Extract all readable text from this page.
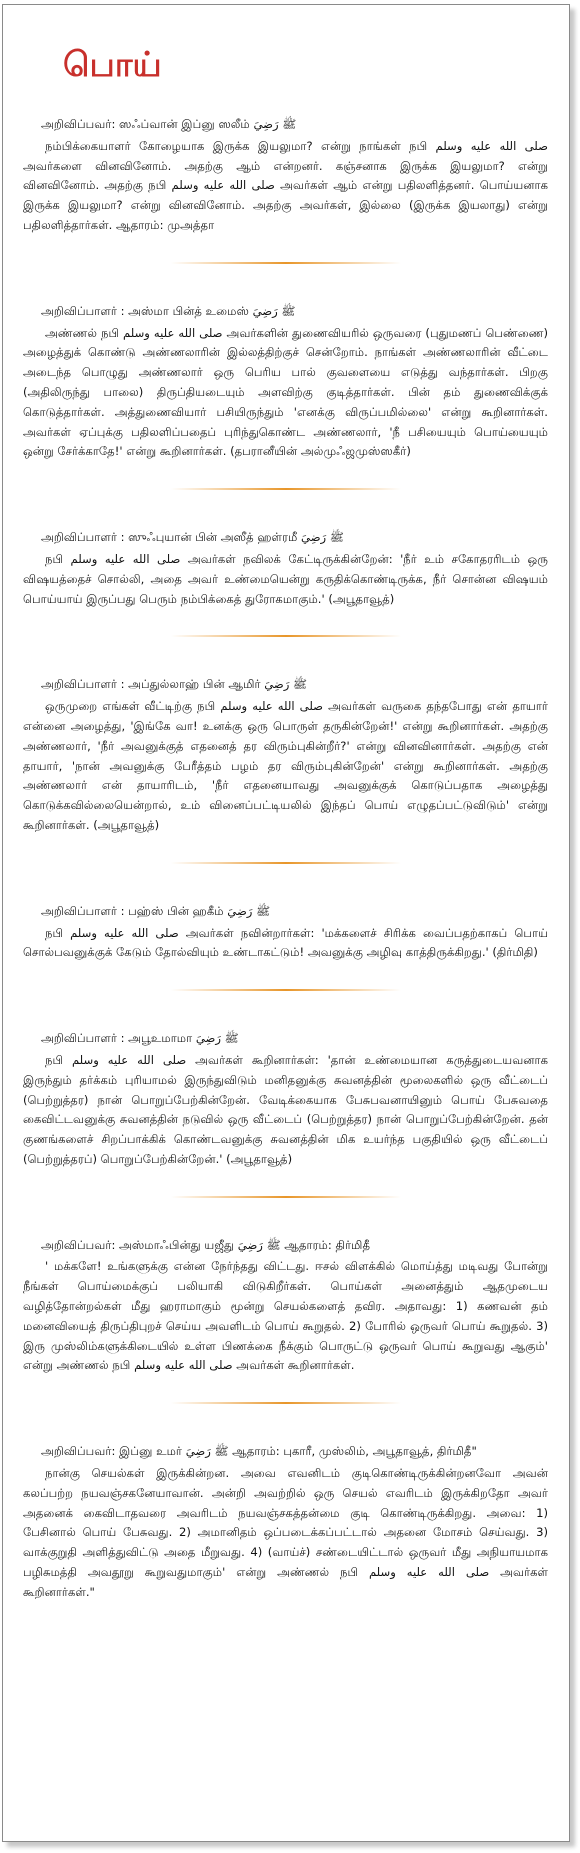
பொய்

அறிவிப்பவர்: ஸஃப்வான் இப்னு ஸலீம் ﷺ رَضِيَ
நம்பிக்கையாளர் கோழையாக இருக்க இயலுமா? என்று நாங்கள் நபி صلى الله عليه وسلم அவர்களை வினவினோம். அதற்கு ஆம் என்றனர். கஞ்சனாக இருக்க இயலுமா? என்று வினவினோம். அதற்கு நபி صلى الله عليه وسلم அவர்கள் ஆம் என்று பதிலளித்தனர். பொய்யனாக இருக்க இயலுமா? என்று வினவினோம். அதற்கு அவர்கள், இல்லை (இருக்க இயலாது) என்று பதிலளித்தார்கள். ஆதாரம்: முஅத்தா

அறிவிப்பாளர் : அஸ்மா பின்த் உமைஸ் ﷺ رَضِيَ
அண்ணல் நபி صلى الله عليه وسلم அவர்களின் துணைவியரில் ஒருவரை (புதுமணப் பெண்ணை) அழைத்துக் கொண்டு அண்ணலாரின் இல்லத்திற்குச் சென்றோம். நாங்கள் அண்ணலாரின் வீட்டை அடைந்த பொழுது அண்ணலார் ஒரு பெரிய பால் குவளையை எடுத்து வந்தார்கள். பிறகு (அதிலிருந்து பாலை) திருப்தியடையும் அளவிற்கு குடித்தார்கள். பின் தம் துணைவிக்குக் கொடுத்தார்கள். அத்துணைவியார் பசியிருந்தும் 'எனக்கு விருப்பமில்லை' என்று கூறினார்கள். அவர்கள் ஏப்புக்கு பதிலளிப்பதைப் புரிந்துகொண்ட அண்ணலார், 'நீ பசியையும் பொய்யையும் ஒன்று சேர்க்காதே!' என்று கூறினார்கள். (தபரானீயின் அல்முஃஜமுஸ்ஸகீர்)

அறிவிப்பாளர் : ஸுஃபுயான் பின் அஸீத் ஹள்ரமீ ﷺ رَضِيَ
நபி صلى الله عليه وسلم அவர்கள் நவிலக் கேட்டிருக்கின்றேன்: 'நீர் உம் சகோதரரிடம் ஒரு விஷயத்தைச் சொல்லி, அதை அவர் உண்மையென்று கருதிக்கொண்டிருக்க, நீர் சொன்ன விஷயம் பொய்யாய் இருப்பது பெரும் நம்பிக்கைத் துரோகமாகும்.' (அபூதாவூத்)

அறிவிப்பாளர் : அப்துல்லாஹ் பின் ஆமிர் ﷺ رَضِيَ
ஒருமுறை எங்கள் வீட்டிற்கு நபி صلى الله عليه وسلم அவர்கள் வருகை தந்தபோது என் தாயார் என்னை அழைத்து, 'இங்கே வா! உனக்கு ஒரு பொருள் தருகின்றேன்!' என்று கூறினார்கள். அதற்கு அண்ணலார், 'நீர் அவனுக்குத் எதனைத் தர விரும்புகின்றீர்?' என்று வினவினார்கள். அதற்கு என் தாயார், 'நான் அவனுக்கு பேரீத்தம் பழம் தர விரும்புகின்றேன்' என்று கூறினார்கள். அதற்கு அண்ணலார் என் தாயாரிடம், 'நீர் எதனையாவது அவனுக்குக் கொடுப்பதாக அழைத்து கொடுக்கவில்லையென்றால், உம் வினைப்பட்டியலில் இந்தப் பொய் எழுதப்பட்டுவிடும்' என்று கூறினார்கள். (அபூதாவூத்)

அறிவிப்பாளர் : பஹ்ஸ் பின் ஹகீம் ﷺ رَضِيَ
நபி صلى الله عليه وسلم அவர்கள் நவின்றார்கள்: 'மக்களைச் சிரிக்க வைப்பதற்காகப் பொய் சொல்பவனுக்குக் கேடும் தோல்வியும் உண்டாகட்டும்! அவனுக்கு அழிவு காத்திருக்கிறது.' (திர்மிதி)

அறிவிப்பாளர் : அபூஉமாமா ﷺ رَضِيَ
நபி صلى الله عليه وسلم அவர்கள் கூறினார்கள்: 'தான் உண்மையான கருத்துடையவனாக இருந்தும் தர்க்கம் புரியாமல் இருந்துவிடும் மனிதனுக்கு சுவனத்தின் மூலைகளில் ஒரு வீட்டைப் (பெற்றுத்தர) நான் பொறுப்பேற்கின்றேன். வேடிக்கையாக பேசுபவனாயினும் பொய் பேசுவதை கைவிட்டவனுக்கு சுவனத்தின் நடுவில் ஒரு வீட்டைப் (பெற்றுத்தர) நான் பொறுப்பேற்கின்றேன். தன் குணங்களைச் சிறப்பாக்கிக் கொண்டவனுக்கு சுவனத்தின் மிக உயர்ந்த பகுதியில் ஒரு வீட்டைப் (பெற்றுத்தரப்) பொறுப்பேற்கின்றேன்.' (அபூதாவூத்)

அறிவிப்பவர்: அஸ்மாஃபின்து யஜீது ﷺ رَضِيَ ஆதாரம்: திர்மிதீ
' மக்களே! உங்களுக்கு என்ன நேர்ந்தது விட்டது. ஈசல் விளக்கில் மொய்த்து மடிவது போன்று நீங்கள் பொய்மைக்குப் பலியாகி விடுகிறீர்கள். பொய்கள் அனைத்தும் ஆதமுடைய வழித்தோன்றல்கள் மீது ஹராமாகும் மூன்று செயல்களைத் தவிர. அதாவது: 1) கணவன் தம் மனைவியைத் திருப்திபுறச் செய்ய அவளிடம் பொய் கூறுதல். 2) போரில் ஒருவர் பொய் கூறுதல். 3) இரு முஸ்லிம்களுக்கிடையில் உள்ள பிணக்கை நீக்கும் பொருட்டு ஒருவர் பொய் கூறுவது ஆகும்' என்று அண்ணல் நபி صلى الله عليه وسلم அவர்கள் கூறினார்கள்.

அறிவிப்பவர்: இப்னு உமர் ﷺ رَضِيَ ஆதாரம்: புகாரீ, முஸ்லிம், அபூதாவூத், திர்மிதீ"
நான்கு செயல்கள் இருக்கின்றன. அவை எவனிடம் குடிகொண்டிருக்கின்றனவோ அவன் கலப்பற்ற நயவஞ்சகனேயாவான். அன்றி அவற்றில் ஒரு செயல் எவரிடம் இருக்கிறதோ அவர் அதனைக் கைவிடாதவரை அவரிடம் நயவஞ்சகத்தன்மை குடி கொண்டிருக்கிறது. அவை: 1) பேசினால் பொய் பேசுவது. 2) அமானிதம் ஒப்படைக்கப்பட்டால் அதனை மோசம் செய்வது. 3) வாக்குறுதி அளித்துவிட்டு அதை மீறுவது. 4) (வாய்ச்) சண்டையிட்டால் ஒருவர் மீது அநியாயமாக பழிசுமத்தி அவதூறு கூறுவதுமாகும்' என்று அண்ணல் நபி صلى الله عليه وسلم அவர்கள் கூறினார்கள்."
